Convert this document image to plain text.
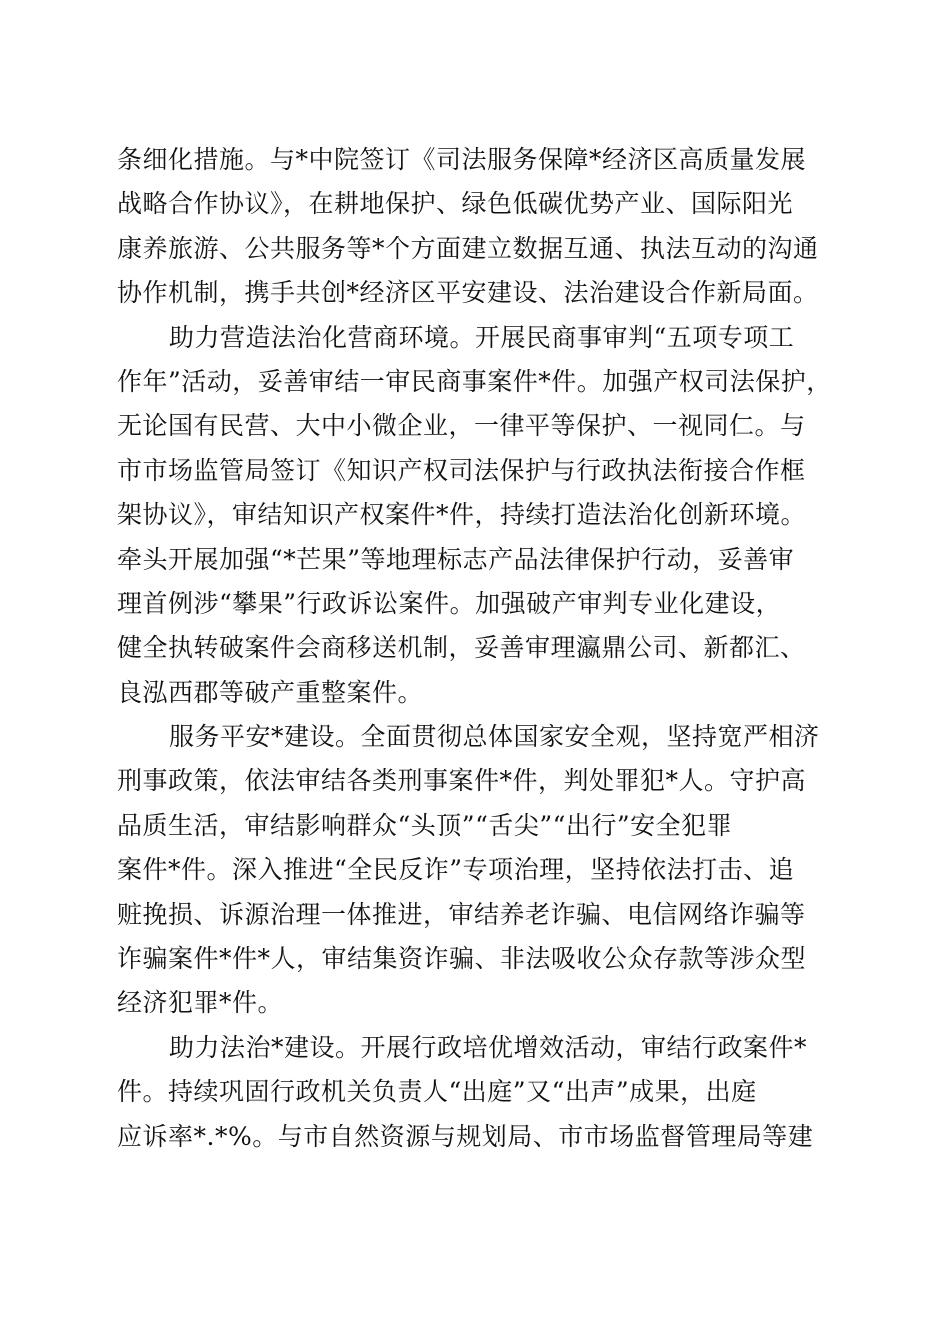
条细化措施。与*中院签订《司法服务保障*经济区高质量发展
战略合作协议》，在耕地保护、绿色低碳优势产业、国际阳光
康养旅游、公共服务等*个方面建立数据互通、执法互动的沟通
协作机制，携手共创*经济区平安建设、法治建设合作新局面。
助力营造法治化营商环境。开展民商事审判“五项专项工
作年”活动，妥善审结一审民商事案件*件。加强产权司法保护，
无论国有民营、大中小微企业，一律平等保护、一视同仁。与
市市场监管局签订《知识产权司法保护与行政执法衔接合作框
架协议》，审结知识产权案件*件，持续打造法治化创新环境。
牵头开展加强“*芒果”等地理标志产品法律保护行动，妥善审
理首例涉“攀果”行政诉讼案件。加强破产审判专业化建设，
健全执转破案件会商移送机制，妥善审理瀛鼎公司、新都汇、
良泓西郡等破产重整案件。
服务平安*建设。全面贯彻总体国家安全观，坚持宽严相济
刑事政策，依法审结各类刑事案件*件，判处罪犯*人。守护高
品质生活，审结影响群众“头顶”“舌尖”“出行”安全犯罪
案件*件。深入推进“全民反诈”专项治理，坚持依法打击、追
赃挽损、诉源治理一体推进，审结养老诈骗、电信网络诈骗等
诈骗案件*件*人，审结集资诈骗、非法吸收公众存款等涉众型
经济犯罪*件。
助力法治*建设。开展行政培优增效活动，审结行政案件*
件。持续巩固行政机关负责人“出庭”又“出声”成果，出庭
应诉率*.*%。与市自然资源与规划局、市市场监督管理局等建
